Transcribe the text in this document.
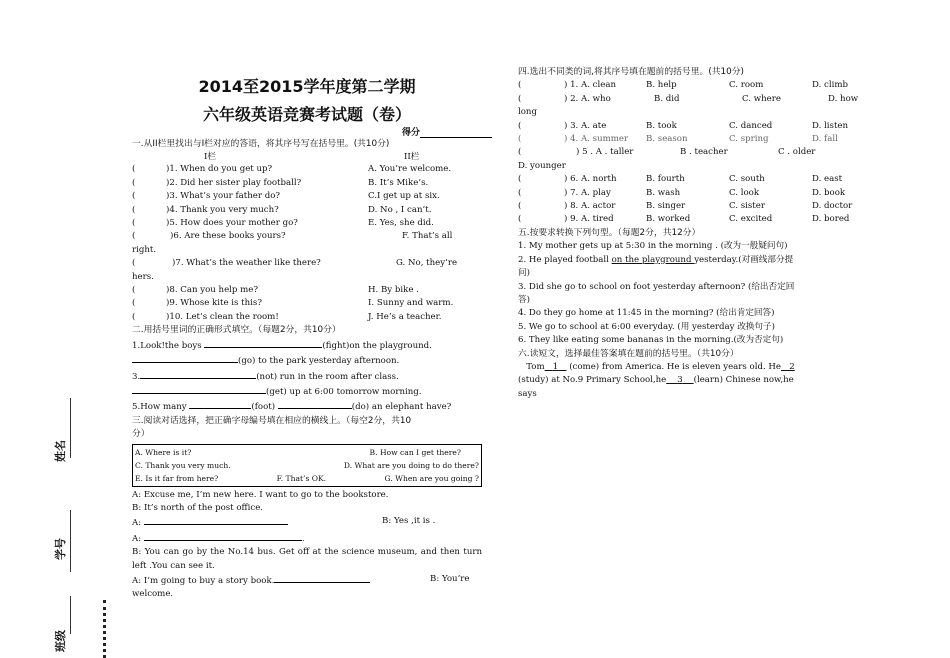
姓名
学号
班级
2014至2015学年度第二学期
六年级英语竞赛考试题（卷）
得分
一.从II栏里找出与I栏对应的答语，将其序号写在括号里。(共10分)
I栏	II栏
(	)1. When do you get up?	A. You’re welcome.
(	)2. Did her sister play football?	B. It’s Mike’s.
(	)3. What’s your father do?	C.I get up at six.
(	)4. Thank you very much?	D. No , I can’t.
(	)5. How does your mother go?	E. Yes, she did.
(	)6. Are these books yours?	F. That’s all
right.
(	)7. What’s the weather like there?	G. No, they’re
hers.
(	)8. Can you help me?	H. By bike .
(	)9. Whose kite is this?	I. Sunny and warm.
(	)10. Let’s clean the room!	J. He’s a teacher.
二.用括号里词的正确形式填空。（每题2分，共10分）
1.Look!the boys	(fight)on the playground.
(go) to the park yesterday afternoon.
3.	(not) run in the room after class.
(get) up at 6:00 tomorrow morning.
5.How many	(foot)	(do) an elephant have?
三.阅读对话选择，把正确字母编号填在相应的横线上。（每空2分，共10
分）
A. Where is it?	B. How can I get there?
C. Thank you very much.	D. What are you doing to do there?
E. Is it far from here?	F. That’s OK.	G. When are you going ?
A: Excuse me, I’m new here. I want to go to the bookstore.
B: It’s north of the post office.
A:	B: Yes ,it is .
A:	.
B: You can go by the No.14 bus. Get off at the science museum, and then turn left .You can see it.
A: I’m going to buy a story book.	B: You’re
welcome.
四.选出不同类的词,将其序号填在题前的括号里。(共10分)
(	) 1. A. clean	B. help	C. room	D. climb
(	) 2. A. who	B. did	C. where	D. how
long
(	) 3. A. ate	B. took	C. danced	D. listen
(	) 4. A. summer B. season	C. spring	D. fall
(	) 5 . A . taller	B . teacher	C . older
D. younger
(	) 6. A. north	B. fourth	C. south	D. east
(	) 7. A. play	B. wash	C. look	D. book
(	) 8. A. actor	B. singer	C. sister	D. doctor
(	) 9. A. tired	B. worked	C. excited	D. bored
五.按要求转换下列句型。（每题2分，共12分）
1. My mother gets up at 5:30 in the morning . (改为一般疑问句)
2. He played football on the playground yesterday.(对画线部分提
问)
3. Did she go to school on foot yesterday afternoon? (给出否定回
答)
4. Do they go home at 11:45 in the morning? (给出肯定回答)
5. We go to school at 6:00 everyday. (用 yesterday 改换句子)
6. They like eating some bananas in the morning.(改为否定句)
六.读短文，选择最佳答案填在题前的括号里。（共10分）
Tom 1 (come) from America. He is eleven years old. He 2
(study) at No.9 Primary School,he 3 (learn) Chinese now,he
says
